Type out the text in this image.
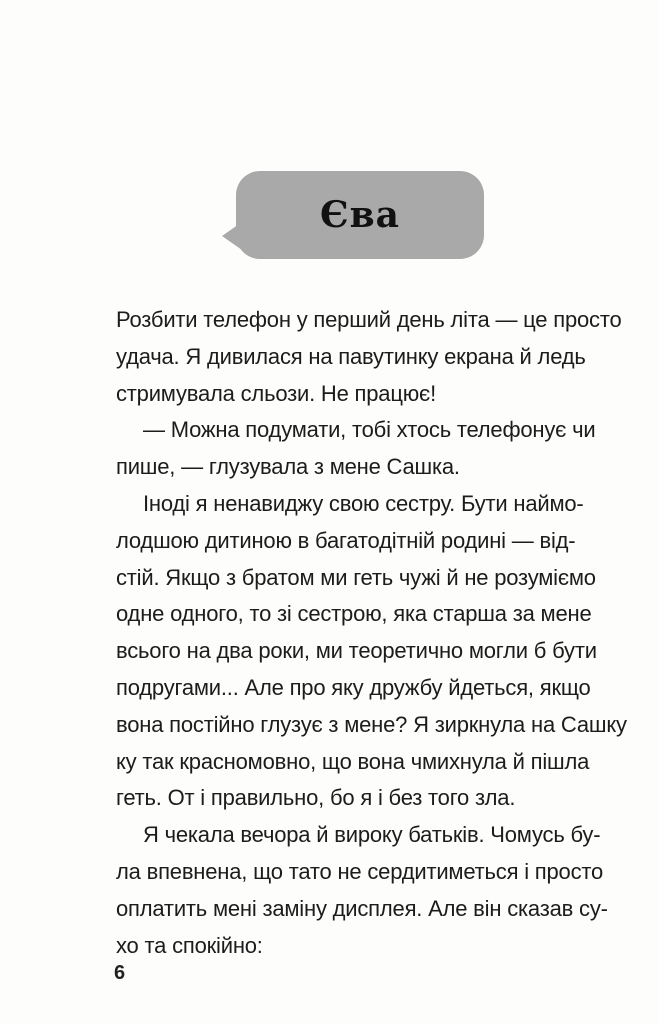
Єва
Розбити телефон у перший день літа — це просто
удача. Я дивилася на павутинку екрана й ледь
стримувала сльози. Не працює!
— Можна подумати, тобі хтось телефонує чи
пише, — глузувала з мене Сашка.
Іноді я ненавиджу свою сестру. Бути наймо-
лодшою дитиною в багатодітній родині — від-
стій. Якщо з братом ми геть чужі й не розуміємо
одне одного, то зі сестрою, яка старша за мене
всього на два роки, ми теоретично могли б бути
подругами... Але про яку дружбу йдеться, якщо
вона постійно глузує з мене? Я зиркнула на Сашку
ку так красномовно, що вона чмихнула й пішла
геть. От і правильно, бо я і без того зла.
Я чекала вечора й вироку батьків. Чомусь бу-
ла впевнена, що тато не сердитиметься і просто
оплатить мені заміну дисплея. Але він сказав су-
хо та спокійно:
6
